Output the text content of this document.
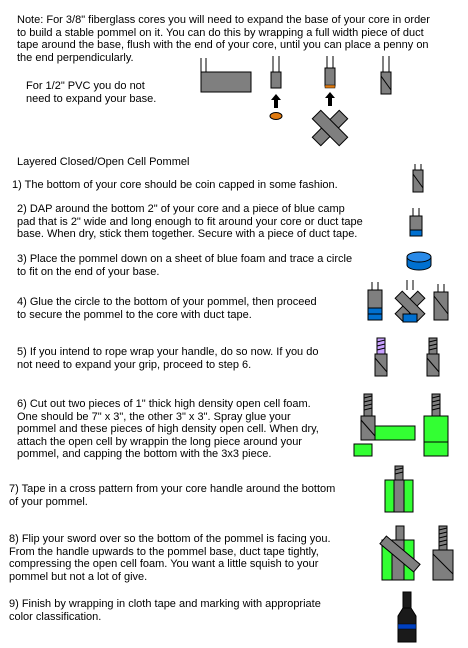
Note: For 3/8" fiberglass cores you will need to expand the base of your core in order
to build a stable pommel on it. You can do this by wrapping a full width piece of duct
tape around the base, flush with the end of your core, until you can place a penny on
the end perpendicularly.

For 1/2" PVC you do not
need to expand your base.

Layered Closed/Open Cell Pommel

1) The bottom of your core should be coin capped in some fashion.

2) DAP around the bottom 2" of your core and a piece of blue camp
pad that is 2" wide and long enough to fit around your core or duct tape
base. When dry, stick them together. Secure with a piece of duct tape.

3) Place the pommel down on a sheet of blue foam and trace a circle
to fit on the end of your base.

4) Glue the circle to the bottom of your pommel, then proceed
to secure the pommel to the core with duct tape.

5) If you intend to rope wrap your handle, do so now. If you do
not need to expand your grip, proceed to step 6.

6) Cut out two pieces of 1" thick high density open cell foam.
One should be 7" x 3", the other 3" x 3". Spray glue your
pommel and these pieces of high density open cell. When dry,
attach the open cell by wrappin the long piece around your
pommel, and capping the bottom with the 3x3 piece.

7) Tape in a cross pattern from your core handle around the bottom
of your pommel.

8) Flip your sword over so the bottom of the pommel is facing you.
From the handle upwards to the pommel base, duct tape tightly,
compressing the open cell foam. You want a little squish to your
pommel but not a lot of give.

9) Finish by wrapping in cloth tape and marking with appropriate
color classification.
